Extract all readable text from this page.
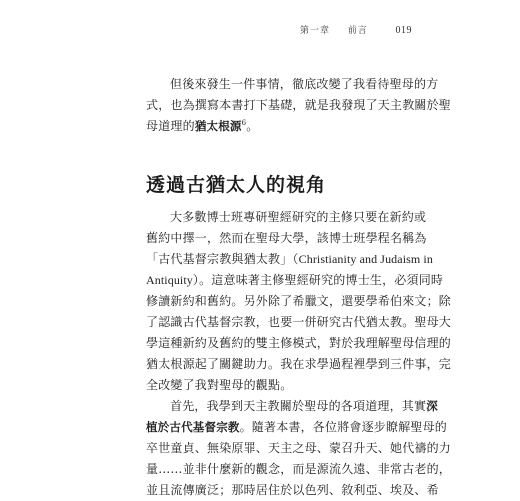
第一章 前言	019
但後來發生一件事情，徹底改變了我看待聖母的方
式，也為撰寫本書打下基礎，就是我發現了天主教關於聖
母道理的猶太根源$^6$。
透過古猶太人的視角
大多數博士班專研聖經研究的主修只要在新約或
舊約中擇一，然而在聖母大學，該博士班學程名稱為
「古代基督宗教與猶太教」（Christianity and Judaism in
Antiquity）。這意味著主修聖經研究的博士生，必須同時
修讀新約和舊約。另外除了希臘文，還要學希伯來文；除
了認識古代基督宗教，也要一併研究古代猶太教。聖母大
學這種新約及舊約的雙主修模式，對於我理解聖母信理的
猶太根源起了關鍵助力。我在求學過程裡學到三件事，完
全改變了我對聖母的觀點。
首先，我學到天主教關於聖母的各項道理，其實深
植於古代基督宗教。隨著本書，各位將會逐步瞭解聖母的
卒世童貞、無染原罪、天主之母、蒙召升天、她代禱的力
量……並非什麼新的觀念，而是源流久遠、非常古老的，
並且流傳廣泛；那時居住於以色列、敘利亞、埃及、希
